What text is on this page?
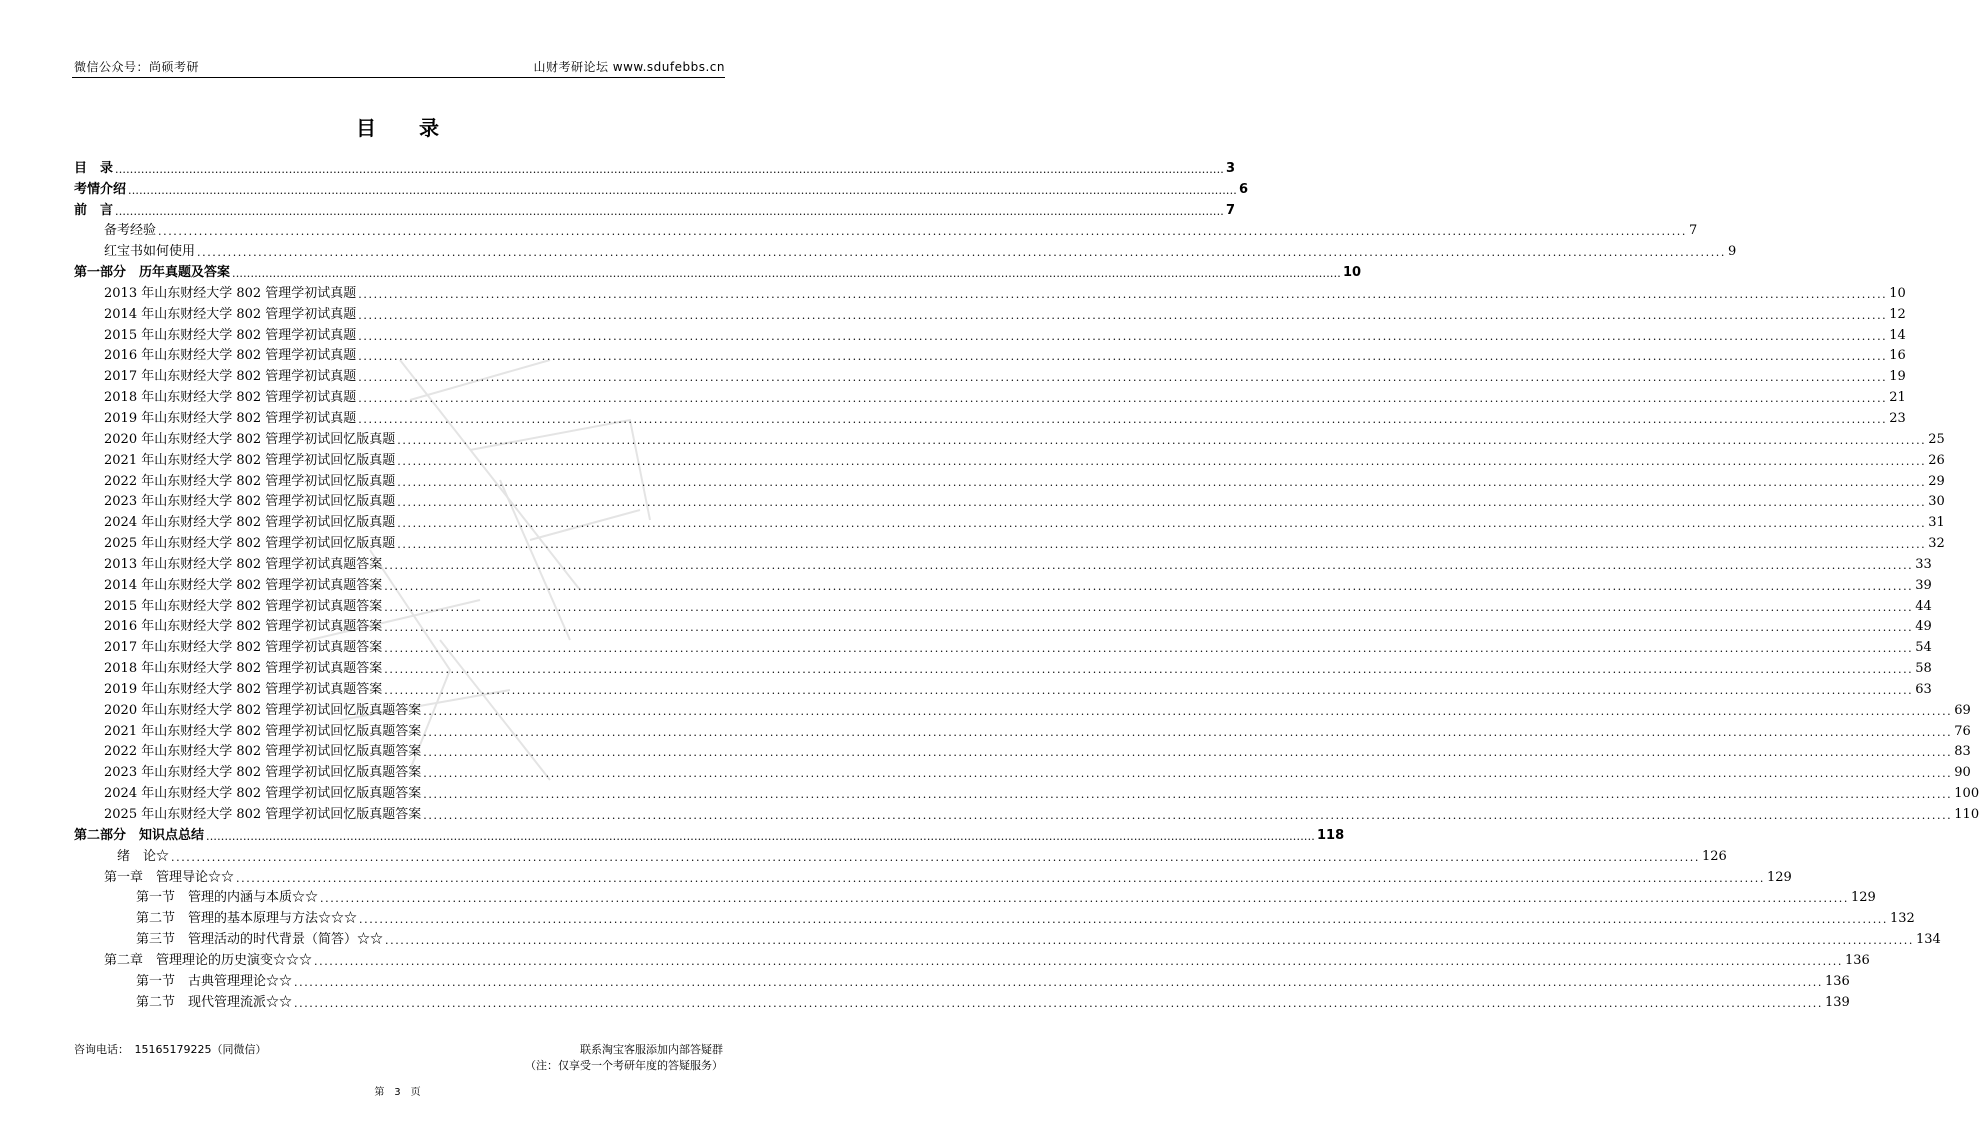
微信公众号：尚硕考研	山财考研论坛 www.sdufebbs.cn
目 录
目　录 ............................................................................................................................................................................................................................................................................................................ 3
考情介绍 ............................................................................................................................................................................................................................................................................................................ 6
前　言 ............................................................................................................................................................................................................................................................................................................ 7
备考经验 ............................................................................................................................................................................................................................................................................................................ 7
红宝书如何使用 ............................................................................................................................................................................................................................................................................................................ 9
第一部分　历年真题及答案 ............................................................................................................................................................................................................................................................................................................ 10
2013 年山东财经大学 802 管理学初试真题 ............................................................................................................................................................................................................................................................................................................ 10
2014 年山东财经大学 802 管理学初试真题 ............................................................................................................................................................................................................................................................................................................ 12
2015 年山东财经大学 802 管理学初试真题 ............................................................................................................................................................................................................................................................................................................ 14
2016 年山东财经大学 802 管理学初试真题 ............................................................................................................................................................................................................................................................................................................ 16
2017 年山东财经大学 802 管理学初试真题 ............................................................................................................................................................................................................................................................................................................ 19
2018 年山东财经大学 802 管理学初试真题 ............................................................................................................................................................................................................................................................................................................ 21
2019 年山东财经大学 802 管理学初试真题 ............................................................................................................................................................................................................................................................................................................ 23
2020 年山东财经大学 802 管理学初试回忆版真题 ............................................................................................................................................................................................................................................................................................................ 25
2021 年山东财经大学 802 管理学初试回忆版真题 ............................................................................................................................................................................................................................................................................................................ 26
2022 年山东财经大学 802 管理学初试回忆版真题 ............................................................................................................................................................................................................................................................................................................ 29
2023 年山东财经大学 802 管理学初试回忆版真题 ............................................................................................................................................................................................................................................................................................................ 30
2024 年山东财经大学 802 管理学初试回忆版真题 ............................................................................................................................................................................................................................................................................................................ 31
2025 年山东财经大学 802 管理学初试回忆版真题 ............................................................................................................................................................................................................................................................................................................ 32
2013 年山东财经大学 802 管理学初试真题答案 ............................................................................................................................................................................................................................................................................................................ 33
2014 年山东财经大学 802 管理学初试真题答案 ............................................................................................................................................................................................................................................................................................................ 39
2015 年山东财经大学 802 管理学初试真题答案 ............................................................................................................................................................................................................................................................................................................ 44
2016 年山东财经大学 802 管理学初试真题答案 ............................................................................................................................................................................................................................................................................................................ 49
2017 年山东财经大学 802 管理学初试真题答案 ............................................................................................................................................................................................................................................................................................................ 54
2018 年山东财经大学 802 管理学初试真题答案 ............................................................................................................................................................................................................................................................................................................ 58
2019 年山东财经大学 802 管理学初试真题答案 ............................................................................................................................................................................................................................................................................................................ 63
2020 年山东财经大学 802 管理学初试回忆版真题答案 ............................................................................................................................................................................................................................................................................................................ 69
2021 年山东财经大学 802 管理学初试回忆版真题答案 ............................................................................................................................................................................................................................................................................................................ 76
2022 年山东财经大学 802 管理学初试回忆版真题答案 ............................................................................................................................................................................................................................................................................................................ 83
2023 年山东财经大学 802 管理学初试回忆版真题答案 ............................................................................................................................................................................................................................................................................................................ 90
2024 年山东财经大学 802 管理学初试回忆版真题答案 ............................................................................................................................................................................................................................................................................................................ 100
2025 年山东财经大学 802 管理学初试回忆版真题答案 ............................................................................................................................................................................................................................................................................................................ 110
第二部分　知识点总结 ............................................................................................................................................................................................................................................................................................................ 118
　绪　论☆ ............................................................................................................................................................................................................................................................................................................ 126
第一章　管理导论☆☆ ............................................................................................................................................................................................................................................................................................................ 129
第一节　管理的内涵与本质☆☆ ............................................................................................................................................................................................................................................................................................................ 129
第二节　管理的基本原理与方法☆☆☆ ............................................................................................................................................................................................................................................................................................................ 132
第三节　管理活动的时代背景（简答）☆☆ ............................................................................................................................................................................................................................................................................................................ 134
第二章　管理理论的历史演变☆☆☆ ............................................................................................................................................................................................................................................................................................................ 136
第一节　古典管理理论☆☆ ............................................................................................................................................................................................................................................................................................................ 136
第二节　现代管理流派☆☆ ............................................................................................................................................................................................................................................................................................................ 139
咨询电话：　15165179225（同微信）	联系淘宝客服添加内部答疑群
（注：仅享受一个考研年度的答疑服务）
第　3　页
